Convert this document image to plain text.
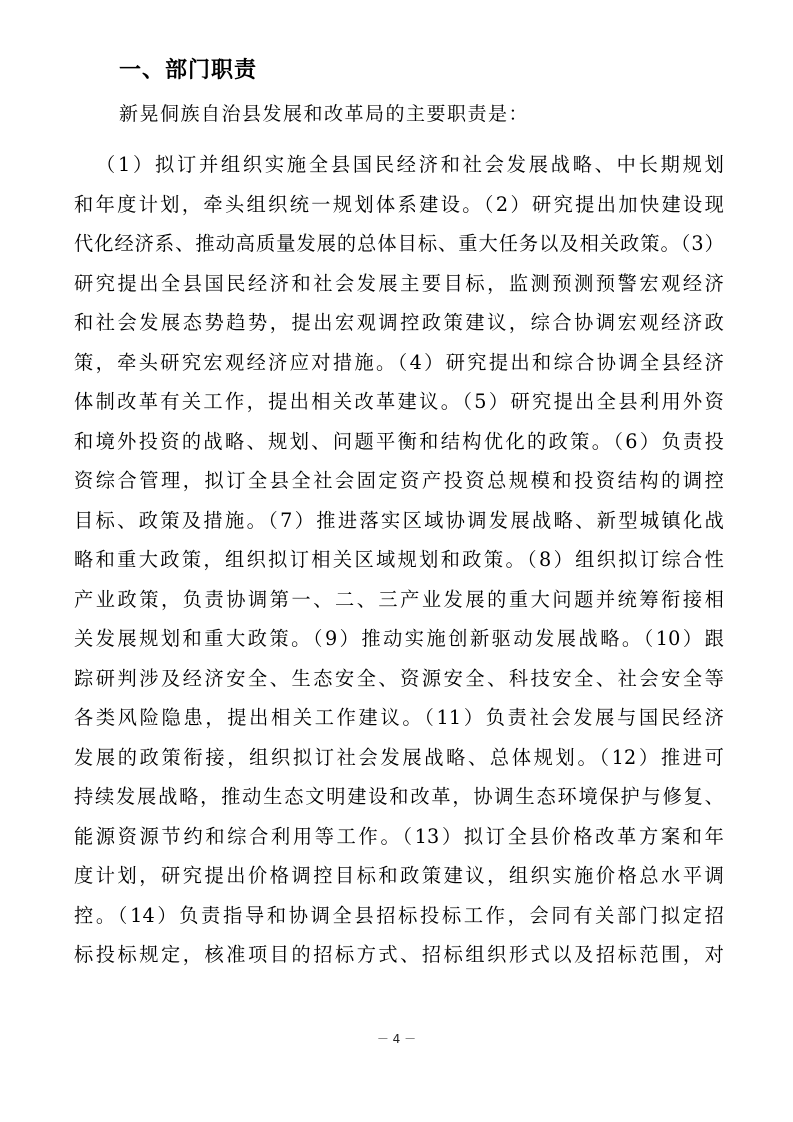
一、部门职责
新晃侗族自治县发展和改革局的主要职责是：
（1）拟订并组织实施全县国民经济和社会发展战略、中长期规划
和年度计划，牵头组织统一规划体系建设。（2）研究提出加快建设现
代化经济系、推动高质量发展的总体目标、重大任务以及相关政策。（3）
研究提出全县国民经济和社会发展主要目标，监测预测预警宏观经济
和社会发展态势趋势，提出宏观调控政策建议，综合协调宏观经济政
策，牵头研究宏观经济应对措施。（4）研究提出和综合协调全县经济
体制改革有关工作，提出相关改革建议。（5）研究提出全县利用外资
和境外投资的战略、规划、问题平衡和结构优化的政策。（6）负责投
资综合管理，拟订全县全社会固定资产投资总规模和投资结构的调控
目标、政策及措施。（7）推进落实区域协调发展战略、新型城镇化战
略和重大政策，组织拟订相关区域规划和政策。（8）组织拟订综合性
产业政策，负责协调第一、二、三产业发展的重大问题并统筹衔接相
关发展规划和重大政策。（9）推动实施创新驱动发展战略。（10）跟
踪研判涉及经济安全、生态安全、资源安全、科技安全、社会安全等
各类风险隐患，提出相关工作建议。（11）负责社会发展与国民经济
发展的政策衔接，组织拟订社会发展战略、总体规划。（12）推进可
持续发展战略，推动生态文明建设和改革，协调生态环境保护与修复、
能源资源节约和综合利用等工作。（13）拟订全县价格改革方案和年
度计划，研究提出价格调控目标和政策建议，组织实施价格总水平调
控。（14）负责指导和协调全县招标投标工作，会同有关部门拟定招
标投标规定，核准项目的招标方式、招标组织形式以及招标范围，对
－ 4 －
